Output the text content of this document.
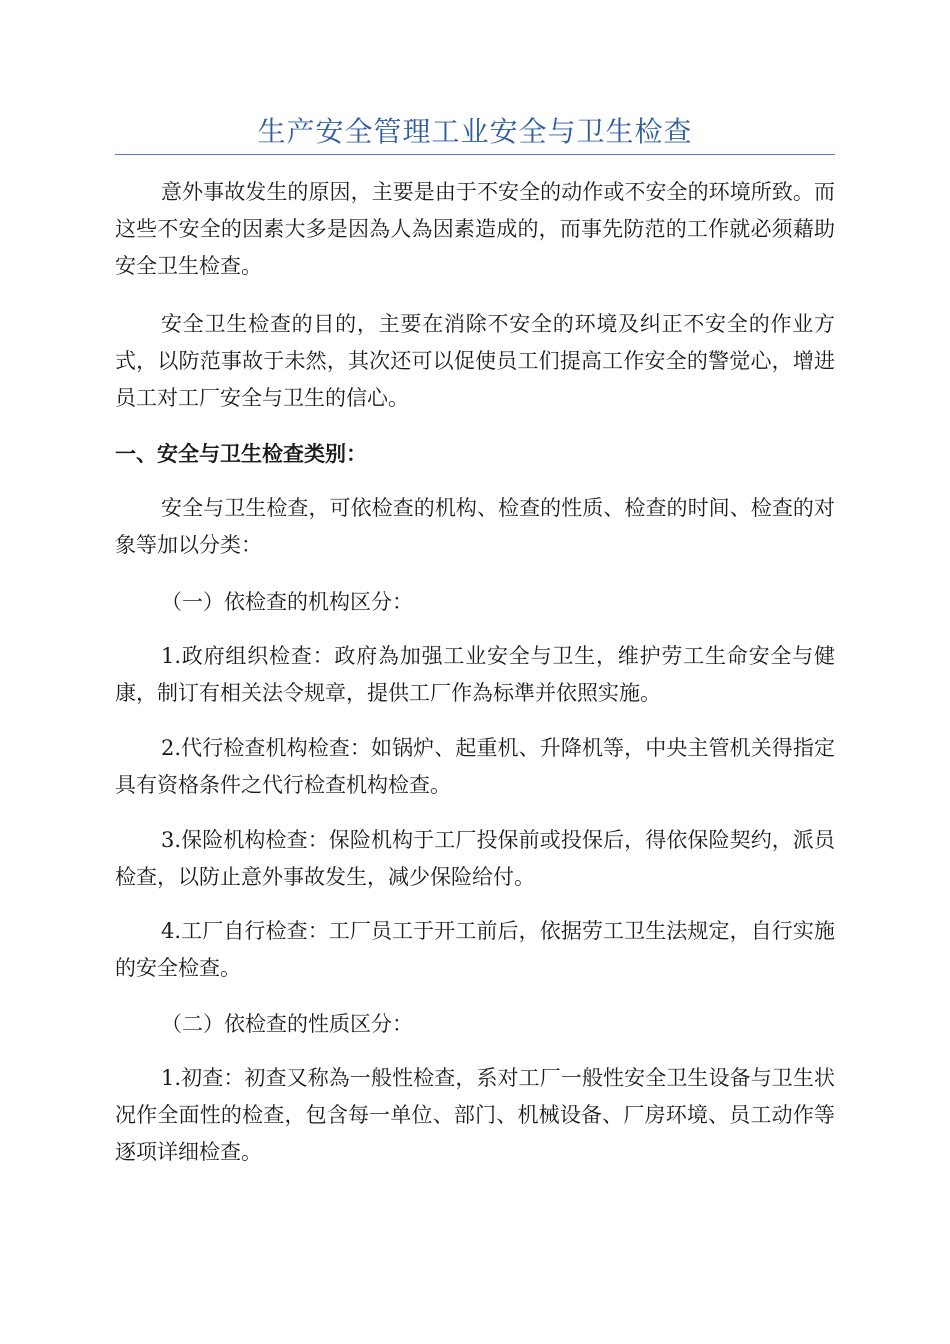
生产安全管理工业安全与卫生检查

意外事故发生的原因，主要是由于不安全的动作或不安全的环境所致。而这些不安全的因素大多是因為人為因素造成的，而事先防范的工作就必须藉助安全卫生检查。

安全卫生检查的目的，主要在消除不安全的环境及纠正不安全的作业方式，以防范事故于未然，其次还可以促使员工们提高工作安全的警觉心，增进员工对工厂安全与卫生的信心。

一、安全与卫生检查类别：

安全与卫生检查，可依检查的机构、检查的性质、检查的时间、检查的对象等加以分类：

（一）依检查的机构区分：

1.政府组织检查：政府為加强工业安全与卫生，维护劳工生命安全与健康，制订有相关法令规章，提供工厂作為标準并依照实施。

2.代行检查机构检查：如锅炉、起重机、升降机等，中央主管机关得指定具有资格条件之代行检查机构检查。

3.保险机构检查：保险机构于工厂投保前或投保后，得依保险契约，派员检查，以防止意外事故发生，减少保险给付。

4.工厂自行检查：工厂员工于开工前后，依据劳工卫生法规定，自行实施的安全检查。

（二）依检查的性质区分：

1.初查：初查又称為一般性检查，系对工厂一般性安全卫生设备与卫生状况作全面性的检查，包含每一单位、部门、机械设备、厂房环境、员工动作等逐项详细检查。
